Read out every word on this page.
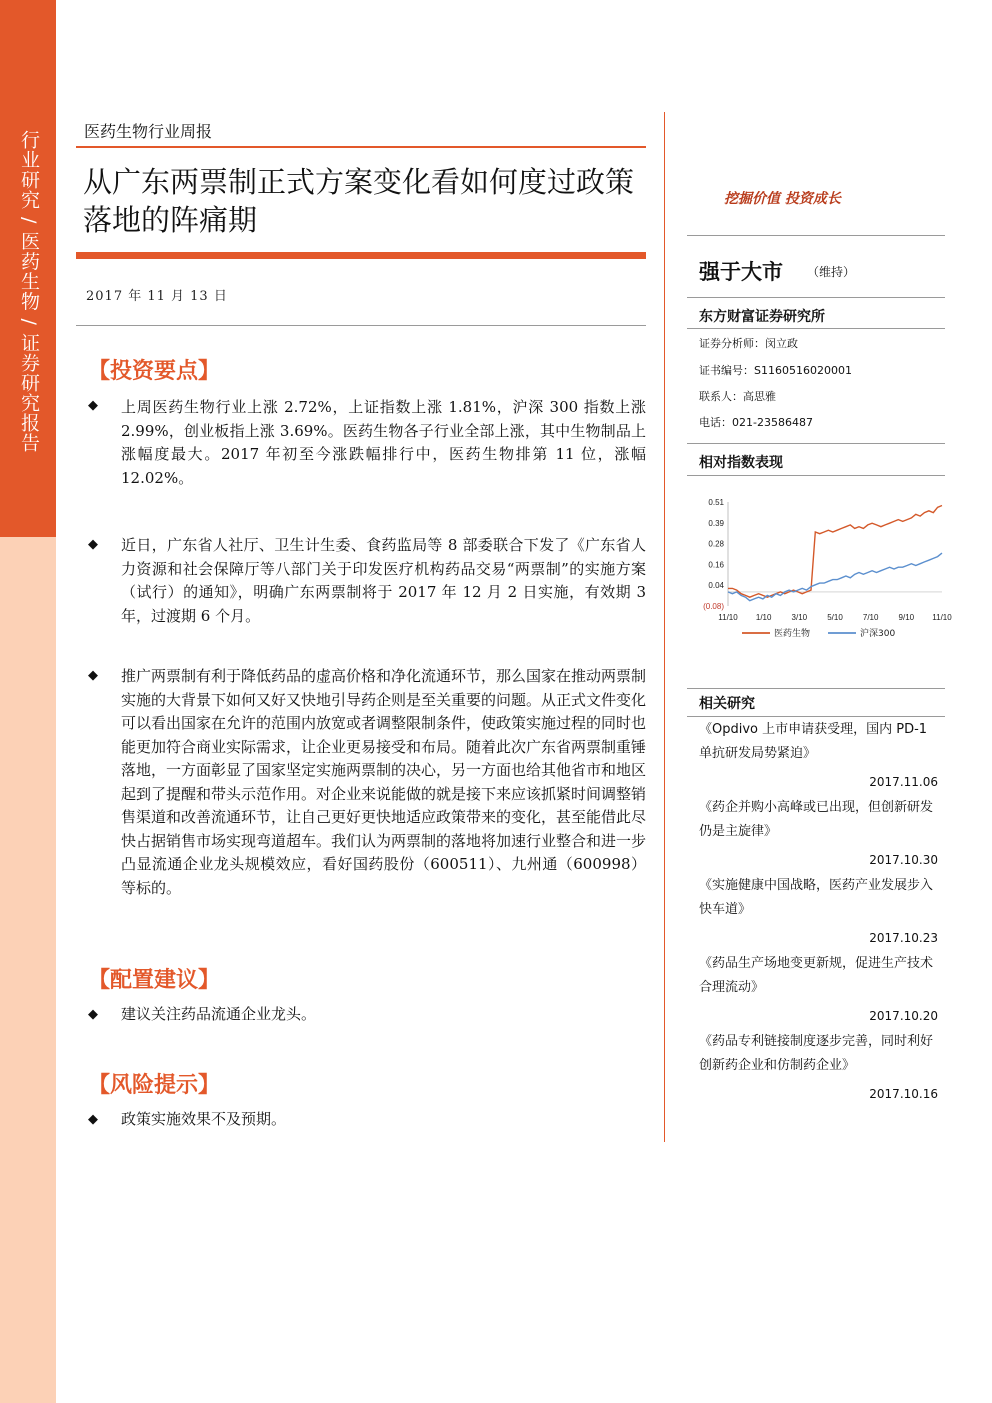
行业研究 / 医药生物 / 证券研究报告	医药生物行业周报
从广东两票制正式方案变化看如何度过政策落地的阵痛期
2017 年 11 月 13 日
【投资要点】
◆ 上周医药生物行业上涨 2.72%，上证指数上涨 1.81%，沪深 300 指数上涨 2.99%，创业板指上涨 3.69%。医药生物各子行业全部上涨，其中生物制品上涨幅度最大。2017 年初至今涨跌幅排行中，医药生物排第 11 位，涨幅 12.02%。
◆ 近日，广东省人社厅、卫生计生委、食药监局等 8 部委联合下发了《广东省人力资源和社会保障厅等八部门关于印发医疗机构药品交易“两票制”的实施方案（试行）的通知》，明确广东两票制将于 2017 年 12 月 2 日实施，有效期 3 年，过渡期 6 个月。
◆ 推广两票制有利于降低药品的虚高价格和净化流通环节，那么国家在推动两票制实施的大背景下如何又好又快地引导药企则是至关重要的问题。从正式文件变化可以看出国家在允许的范围内放宽或者调整限制条件，使政策实施过程的同时也能更加符合商业实际需求，让企业更易接受和布局。随着此次广东省两票制重锤落地，一方面彰显了国家坚定实施两票制的决心，另一方面也给其他省市和地区起到了提醒和带头示范作用。对企业来说能做的就是接下来应该抓紧时间调整销售渠道和改善流通环节，让自己更好更快地适应政策带来的变化，甚至能借此尽快占据销售市场实现弯道超车。我们认为两票制的落地将加速行业整合和进一步凸显流通企业龙头规模效应，看好国药股份（600511）、九州通（600998）等标的。
【配置建议】
◆ 建议关注药品流通企业龙头。
【风险提示】
◆ 政策实施效果不及预期。
挖掘价值 投资成长
强于大市 （维持）
东方财富证券研究所
证券分析师：闵立政
证书编号：S1160516020001
联系人：高思雅
电话：021-23586487
相对指数表现
0.51
0.39
0.28
0.16
0.04
(0.08)
11/10 1/10	3/10	5/10	7/10	9/10 11/10
医药生物	沪深300
相关研究
《Opdivo 上市申请获受理，国内 PD-1 单抗研发局势紧迫》
2017.11.06
《药企并购小高峰或已出现，但创新研发仍是主旋律》
2017.10.30
《实施健康中国战略，医药产业发展步入快车道》
2017.10.23
《药品生产场地变更新规，促进生产技术合理流动》
2017.10.20
《药品专利链接制度逐步完善，同时利好创新药企业和仿制药企业》
2017.10.16
